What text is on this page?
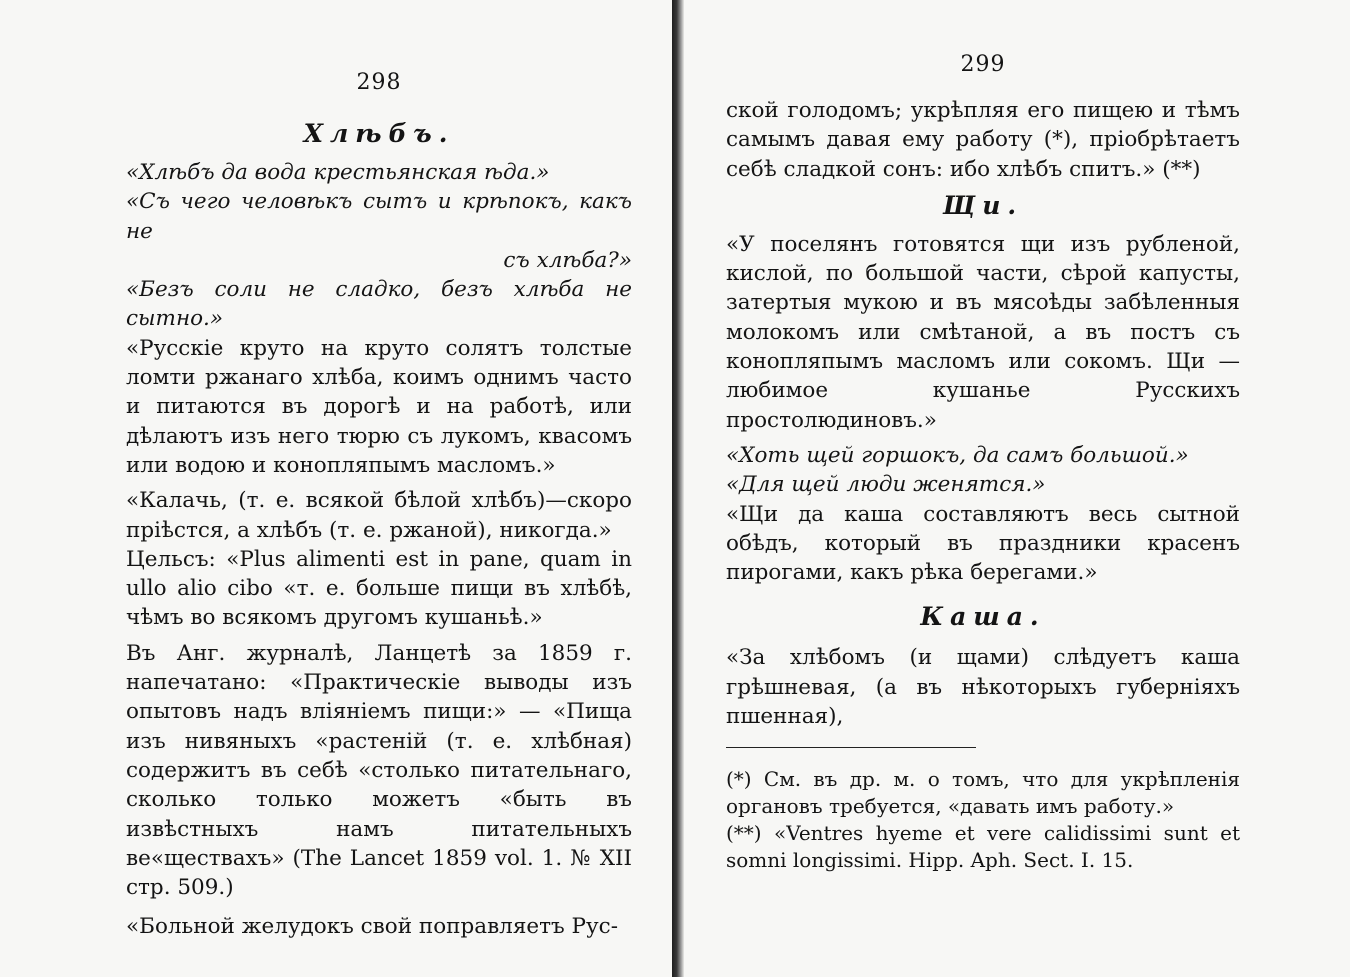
298
Хлѣбъ.

«Хлѣбъ да вода крестьянская ѣда.»

«Съ чего человѣкъ сытъ и крѣпокъ, какъ не

съ хлѣба?»

«Безъ соли не сладко, безъ хлѣба не сытно.»

«Русскіе круто на круто солятъ толстые ломти ржанаго хлѣба, коимъ однимъ часто и питаются въ дорогѣ и на работѣ, или дѣлаютъ изъ него тюрю съ лукомъ, квасомъ или водою и конопляпымъ масломъ.»

«Калачь, (т. е. всякой бѣлой хлѣбъ)—скоро прiѣстся, а хлѣбъ (т. е. ржаной), никогда.»

Цельсъ: «Plus alimenti est in pane, quam in ullo alio cibo «т. е. больше пищи въ хлѣбѣ, чѣмъ во всякомъ другомъ кушаньѣ.»

Въ Анг. журналѣ, Ланцетѣ за 1859 г. напечатано: «Практическiе выводы изъ опытовъ надъ влiянiемъ пищи:» — «Пища изъ нивяныхъ «растенiй (т. е. хлѣбная) содержитъ въ себѣ «столько питательнаго, сколько только можетъ «быть въ извѣстныхъ намъ питательныхъ ве«ществахъ» (The Lancet 1859 vol. 1. № XII стр. 509.)

«Больной желудокъ свой поправляетъ Рус-

299

ской голодомъ; укрѣпляя его пищею и тѣмъ самымъ давая ему работу (*), прiобрѣтаетъ себѣ сладкой сонъ: ибо хлѣбъ спитъ.» (**)

Щи.

«У поселянъ готовятся щи изъ рубленой, кислой, по большой части, сѣрой капусты, затертыя мукою и въ мясоѣды забѣленныя молокомъ или смѣтаной, а въ постъ съ конопляпымъ масломъ или сокомъ. Щи — любимое кушанье Русскихъ простолюдиновъ.»

«Хоть щей горшокъ, да самъ большой.»

«Для щей люди женятся.»

«Щи да каша составляютъ весь сытной обѣдъ, который въ праздники красенъ пирогами, какъ рѣка берегами.»

Каша.

«За хлѣбомъ (и щами) слѣдуетъ каша грѣшневая, (а въ нѣкоторыхъ губернiяхъ пшенная),

(*) См. въ др. м. о томъ, что для укрѣпленiя органовъ требуется, «давать имъ работу.»

(**) «Ventres hyeme et vere calidissimi sunt et somni longissimi. Hipp. Aph. Sect. I. 15.
